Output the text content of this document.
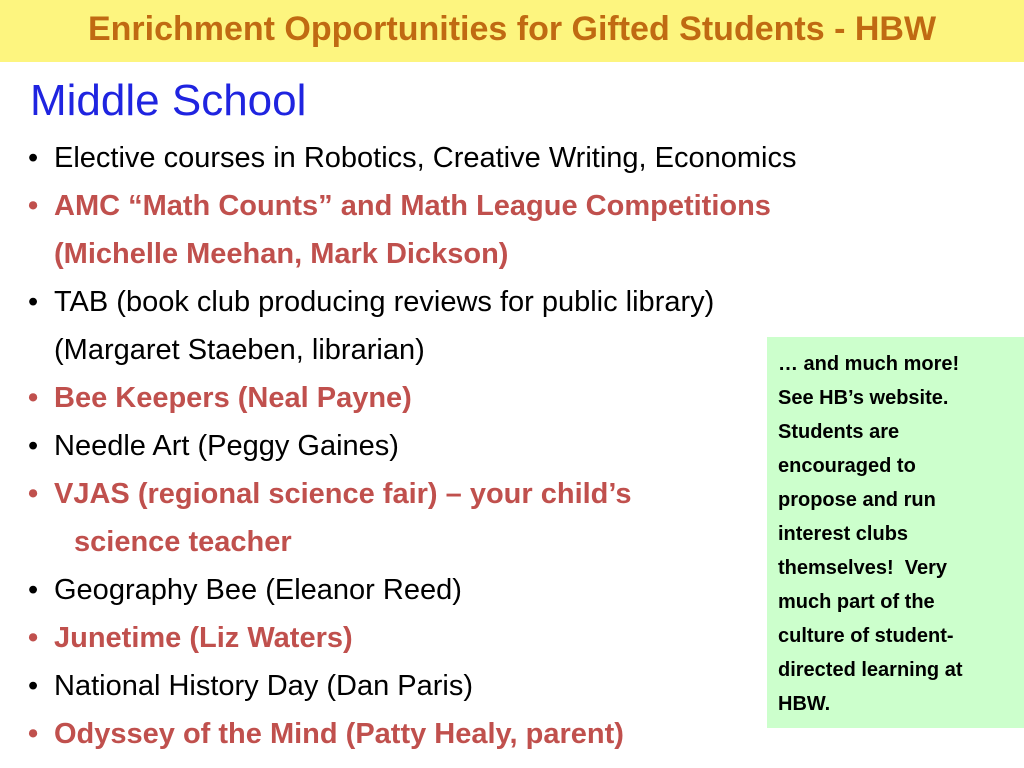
Enrichment Opportunities for Gifted Students - HBW
Middle School
• Elective courses in Robotics, Creative Writing, Economics
• AMC “Math Counts” and Math League Competitions
(Michelle Meehan, Mark Dickson)
• TAB (book club producing reviews for public library)
(Margaret Staeben, librarian)
• Bee Keepers (Neal Payne)
• Needle Art (Peggy Gaines)
• VJAS (regional science fair) – your child’s
science teacher
• Geography Bee (Eleanor Reed)
• Junetime (Liz Waters)
• National History Day (Dan Paris)
• Odyssey of the Mind (Patty Healy, parent)
… and much more!
See HB’s website.
Students are
encouraged to
propose and run
interest clubs
themselves!  Very
much part of the
culture of student-
directed learning at
HBW.
